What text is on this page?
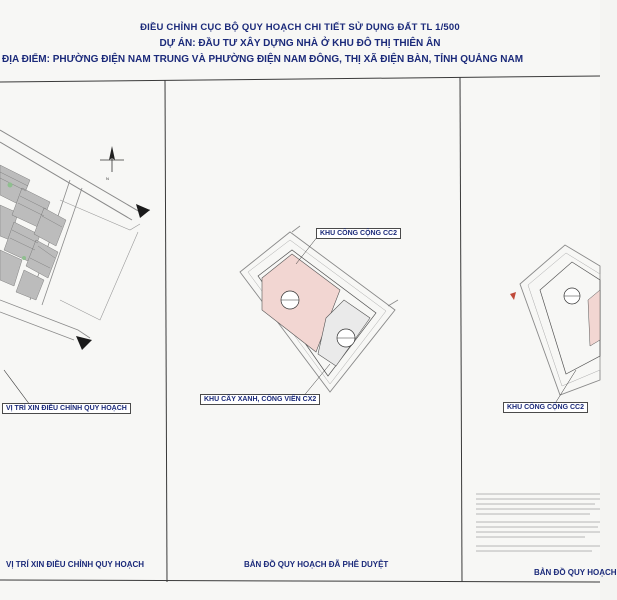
N
ĐIỀU CHỈNH CỤC BỘ QUY HOẠCH CHI TIẾT SỬ DỤNG ĐẤT TL 1/500
DỰ ÁN: ĐẦU TƯ XÂY DỰNG NHÀ Ở KHU ĐÔ THỊ THIÊN ÂN
ĐỊA ĐIỂM: PHƯỜNG ĐIỆN NAM TRUNG VÀ PHƯỜNG ĐIỆN NAM ĐÔNG, THỊ XÃ ĐIỆN BÀN, TỈNH QUẢNG NAM
VỊ TRÍ XIN ĐIỀU CHỈNH QUY HOẠCH
VỊ TRÍ XIN ĐIỀU CHỈNH QUY HOẠCH
KHU CÔNG CỘNG CC2
KHU CÂY XANH, CÔNG VIÊN CX2
BẢN ĐỒ QUY HOẠCH ĐÃ PHÊ DUYỆT
KHU CÔNG CỘNG CC2
BẢN ĐỒ QUY HOẠCH
